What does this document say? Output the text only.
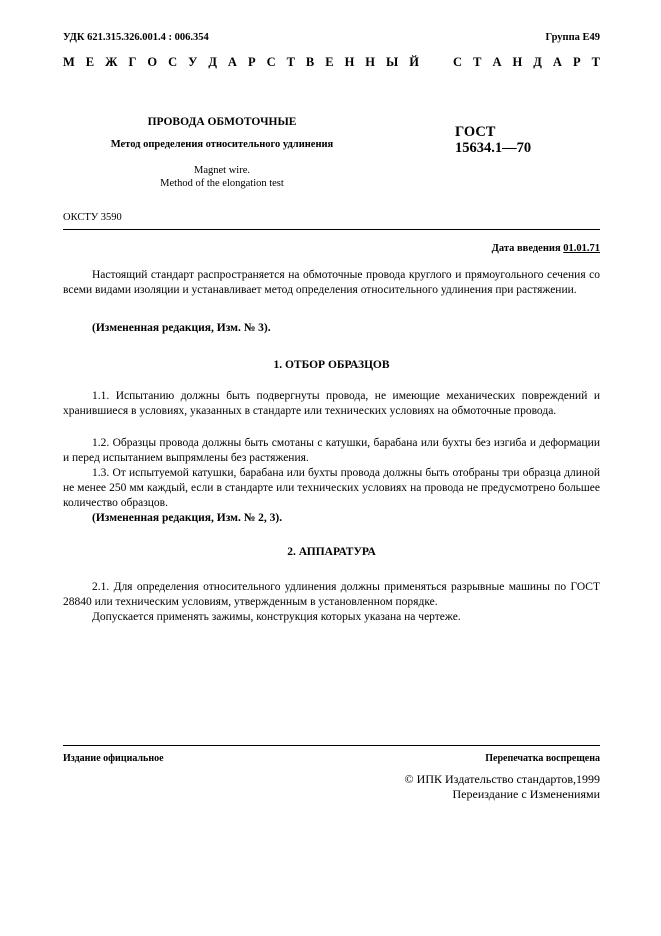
УДК 621.315.326.001.4 : 006.354	Группа Е49
М Е Ж Г О С У Д А Р С Т В Е Н Н Ы Й	С Т А Н Д А Р Т
ПРОВОДА ОБМОТОЧНЫЕ
Метод определения относительного удлинения
Magnet wire.
Method of the elongation test
ГОСТ
15634.1—70
ОКСТУ 3590
Дата введения 01.01.71

Настоящий стандарт распространяется на обмоточные провода круглого и прямоугольного сечения со всеми видами изоляции и устанавливает метод определения относительного удлинения при растяжении.

(Измененная редакция, Изм. № 3).

1. ОТБОР ОБРАЗЦОВ

1.1. Испытанию должны быть подвергнуты провода, не имеющие механических повреждений и хранившиеся в условиях, указанных в стандарте или технических условиях на обмоточные провода.

1.2. Образцы провода должны быть смотаны с катушки, барабана или бухты без изгиба и деформации и перед испытанием выпрямлены без растяжения.

1.3. От испытуемой катушки, барабана или бухты провода должны быть отобраны три образца длиной не менее 250 мм каждый, если в стандарте или технических условиях на провода не предусмотрено большее количество образцов.

(Измененная редакция, Изм. № 2, 3).

2. АППАРАТУРА

2.1. Для определения относительного удлинения должны применяться разрывные машины по ГОСТ 28840 или техническим условиям, утвержденным в установленном порядке.

Допускается применять зажимы, конструкция которых указана на чертеже.

Издание официальное	Перепечатка воспрещена
© ИПК Издательство стандартов,1999
Переиздание с Изменениями
